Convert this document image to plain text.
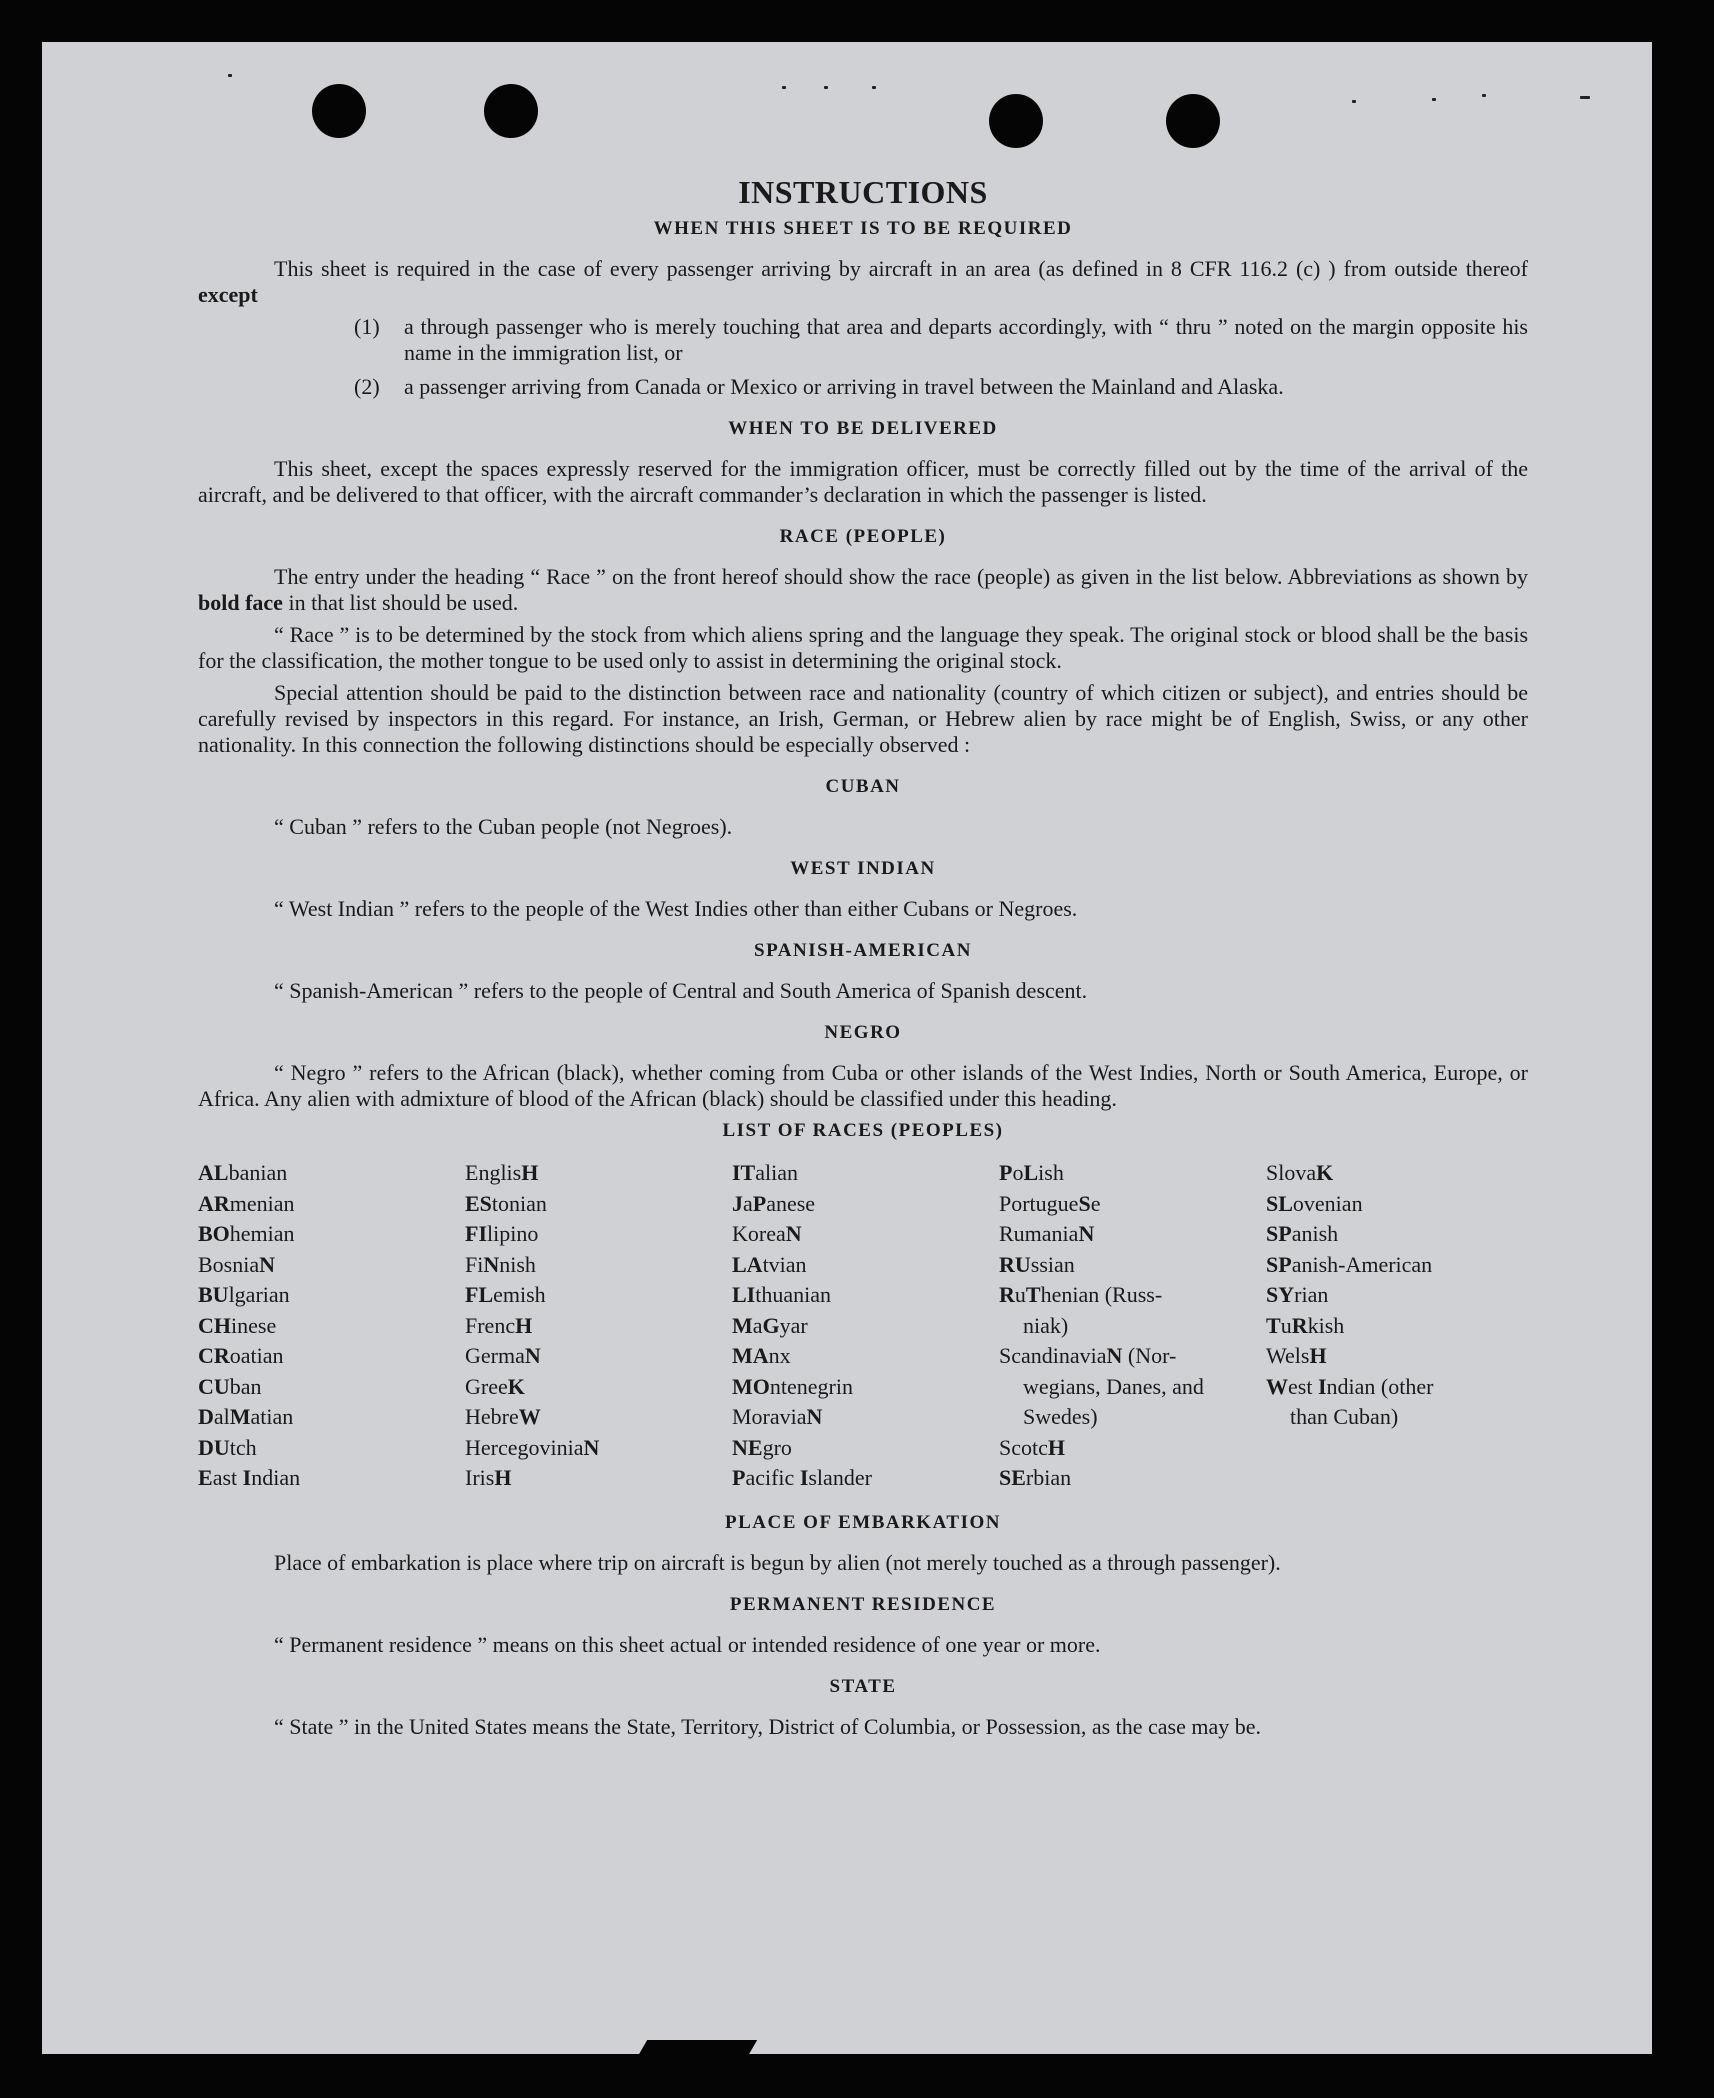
INSTRUCTIONS
WHEN THIS SHEET IS TO BE REQUIRED

This sheet is required in the case of every passenger arriving by aircraft in an area (as defined in 8 CFR 116.2 (c) ) from outside thereof except

(1)	a through passenger who is merely touching that area and departs accordingly, with “ thru ” noted on the margin opposite his name in the immigration list, or
(2)	a passenger arriving from Canada or Mexico or arriving in travel between the Mainland and Alaska.
WHEN TO BE DELIVERED

This sheet, except the spaces expressly reserved for the immigration officer, must be correctly filled out by the time of the arrival of the aircraft, and be delivered to that officer, with the aircraft commander’s declaration in which the passenger is listed.

RACE (PEOPLE)

The entry under the heading “ Race ” on the front hereof should show the race (people) as given in the list below. Abbreviations as shown by bold face in that list should be used.

“ Race ” is to be determined by the stock from which aliens spring and the language they speak. The original stock or blood shall be the basis for the classification, the mother tongue to be used only to assist in determining the original stock.

Special attention should be paid to the distinction between race and nationality (country of which citizen or subject), and entries should be carefully revised by inspectors in this regard. For instance, an Irish, German, or Hebrew alien by race might be of English, Swiss, or any other nationality. In this connection the following distinctions should be especially observed :

CUBAN

“ Cuban ” refers to the Cuban people (not Negroes).

WEST INDIAN

“ West Indian ” refers to the people of the West Indies other than either Cubans or Negroes.

SPANISH-AMERICAN

“ Spanish-American ” refers to the people of Central and South America of Spanish descent.

NEGRO

“ Negro ” refers to the African (black), whether coming from Cuba or other islands of the West Indies, North or South America, Europe, or Africa. Any alien with admixture of blood of the African (black) should be classified under this heading.

LIST OF RACES (PEOPLES)
ALbanian
ARmenian
BOhemian
BosniaN
BUlgarian
CHinese
CRoatian
CUban
DalMatian
DUtch
East Indian
EnglisH
EStonian
FIlipino
FiNnish
FLemish
FrencH
GermaN
GreeK
HebreW
HercegoviniaN
IrisH
ITalian
JaPanese
KoreaN
LAtvian
LIthuanian
MaGyar
MAnx
MOntenegrin
MoraviaN
NEgro
Pacific Islander
PoLish
PortugueSe
RumaniaN
RUssian
RuThenian (Russ-
niak)
ScandinaviaN (Nor-
wegians, Danes, and Swedes)
ScotcH
SErbian
SlovaK
SLovenian
SPanish
SPanish-American
SYrian
TuRkish
WelsH
West Indian (other
than Cuban)
PLACE OF EMBARKATION

Place of embarkation is place where trip on aircraft is begun by alien (not merely touched as a through passenger).

PERMANENT RESIDENCE

“ Permanent residence ” means on this sheet actual or intended residence of one year or more.

STATE

“ State ” in the United States means the State, Territory, District of Columbia, or Possession, as the case may be.
